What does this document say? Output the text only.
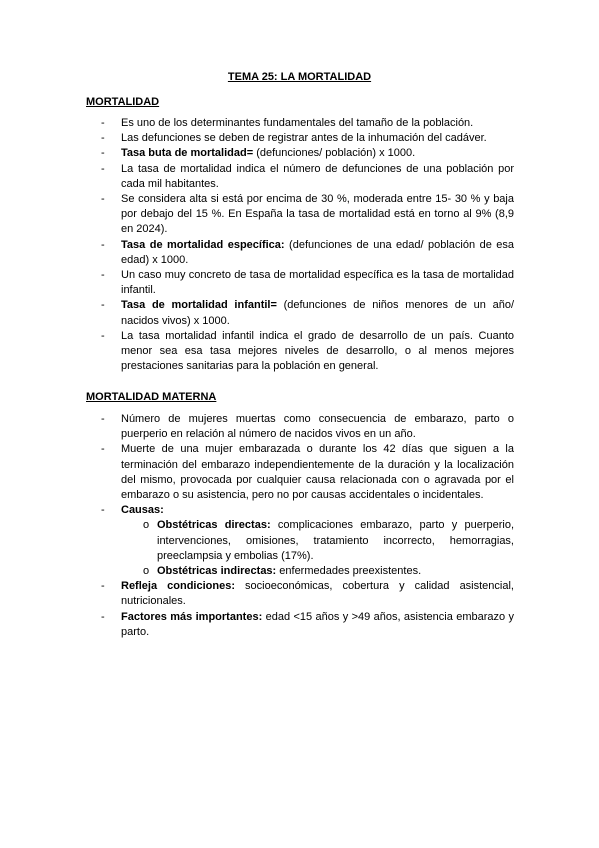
TEMA 25: LA MORTALIDAD
MORTALIDAD
- Es uno de los determinantes fundamentales del tamaño de la población.
- Las defunciones se deben de registrar antes de la inhumación del cadáver.
- Tasa buta de mortalidad= (defunciones/ población) x 1000.
- La tasa de mortalidad indica el número de defunciones de una población por cada mil habitantes.
- Se considera alta si está por encima de 30 %, moderada entre 15- 30 % y baja por debajo del 15 %. En España la tasa de mortalidad está en torno al 9% (8,9 en 2024).
- Tasa de mortalidad específica: (defunciones de una edad/ población de esa edad) x 1000.
- Un caso muy concreto de tasa de mortalidad específica es la tasa de mortalidad infantil.
- Tasa de mortalidad infantil= (defunciones de niños menores de un año/ nacidos vivos) x 1000.
- La tasa mortalidad infantil indica el grado de desarrollo de un país. Cuanto menor sea esa tasa mejores niveles de desarrollo, o al menos mejores prestaciones sanitarias para la población en general.
MORTALIDAD MATERNA
- Número de mujeres muertas como consecuencia de embarazo, parto o puerperio en relación al número de nacidos vivos en un año.
- Muerte de una mujer embarazada o durante los 42 días que siguen a la terminación del embarazo independientemente de la duración y la localización del mismo, provocada por cualquier causa relacionada con o agravada por el embarazo o su asistencia, pero no por causas accidentales o incidentales.
- Causas:
o Obstétricas directas: complicaciones embarazo, parto y puerperio, intervenciones, omisiones, tratamiento incorrecto, hemorragias, preeclampsia y embolias (17%).
o Obstétricas indirectas: enfermedades preexistentes.
- Refleja condiciones: socioeconómicas, cobertura y calidad asistencial, nutricionales.
- Factores más importantes: edad <15 años y >49 años, asistencia embarazo y parto.
